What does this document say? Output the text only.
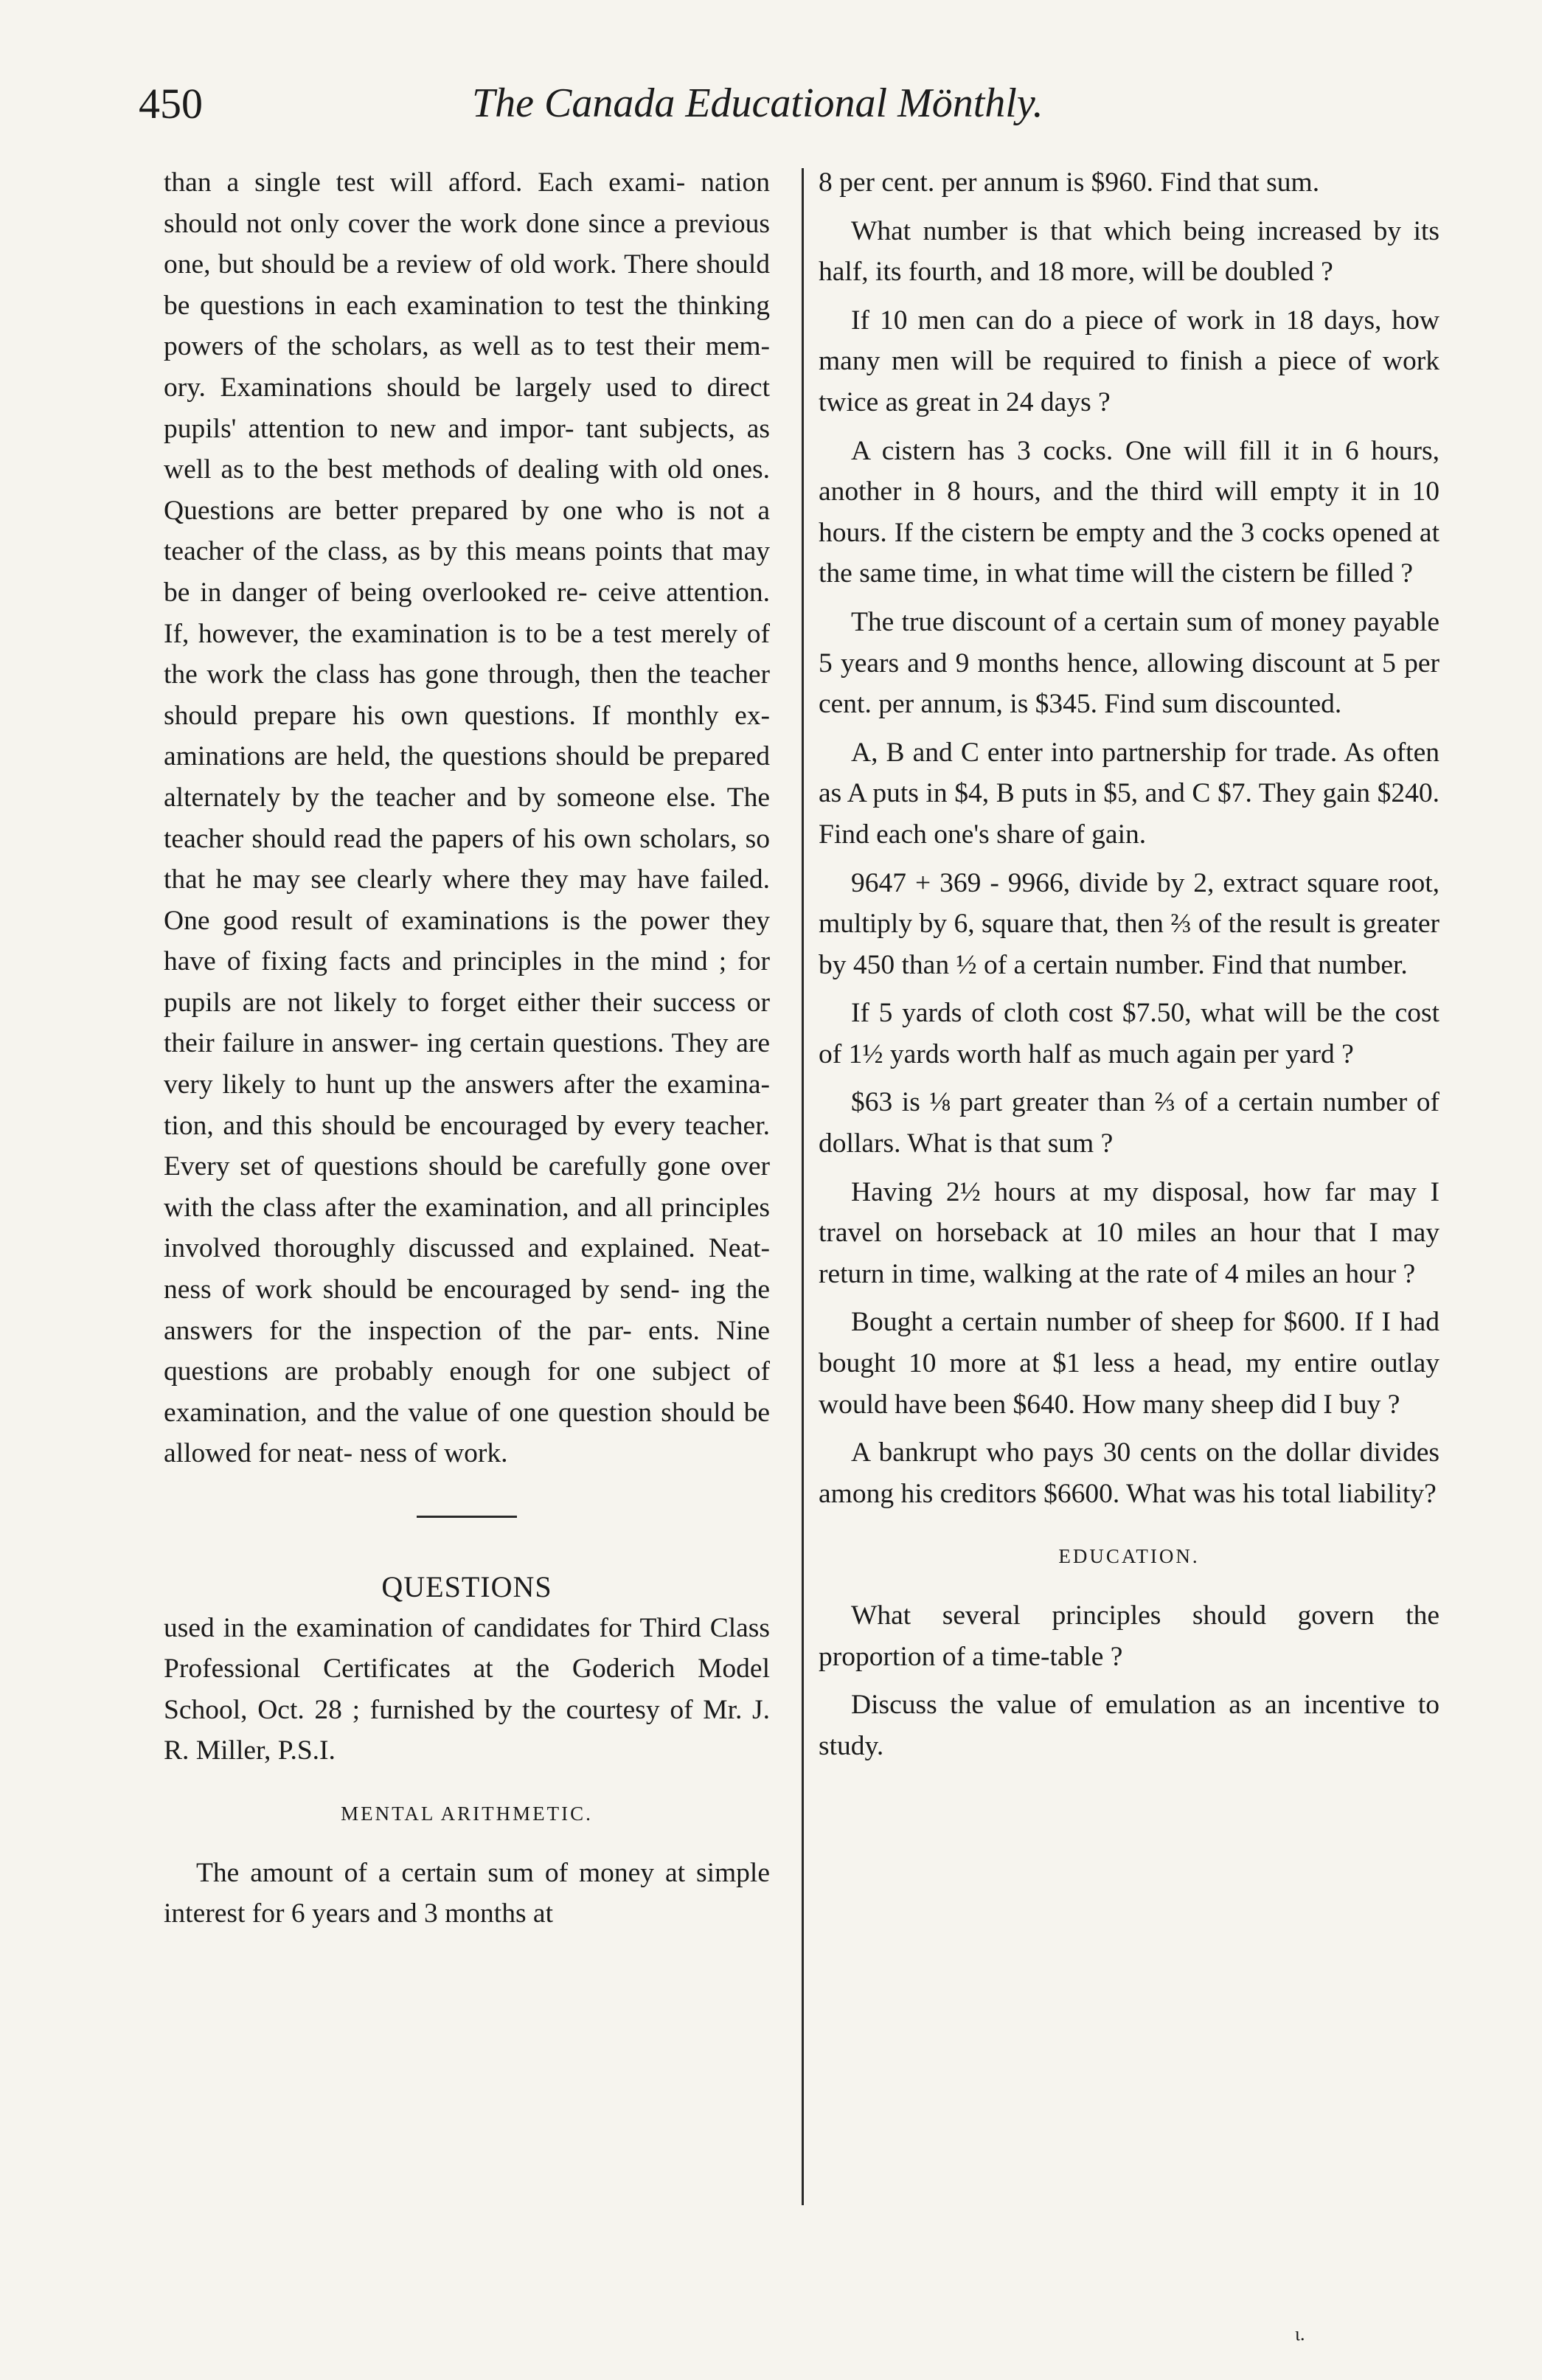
450	The Canada Educational Mönthly.

than a single test will afford. Each exami- nation should not only cover the work done since a previous one, but should be a review of old work. There should be questions in each examination to test the thinking powers of the scholars, as well as to test their mem- ory. Examinations should be largely used to direct pupils' attention to new and impor- tant subjects, as well as to the best methods of dealing with old ones. Questions are better prepared by one who is not a teacher of the class, as by this means points that may be in danger of being overlooked re- ceive attention. If, however, the examination is to be a test merely of the work the class has gone through, then the teacher should prepare his own questions. If monthly ex- aminations are held, the questions should be prepared alternately by the teacher and by someone else. The teacher should read the papers of his own scholars, so that he may see clearly where they may have failed. One good result of examinations is the power they have of fixing facts and principles in the mind ; for pupils are not likely to forget either their success or their failure in answer- ing certain questions. They are very likely to hunt up the answers after the examina- tion, and this should be encouraged by every teacher. Every set of questions should be carefully gone over with the class after the examination, and all principles involved thoroughly discussed and explained. Neat- ness of work should be encouraged by send- ing the answers for the inspection of the par- ents. Nine questions are probably enough for one subject of examination, and the value of one question should be allowed for neat- ness of work.

QUESTIONS

used in the examination of candidates for Third Class Professional Certificates at the Goderich Model School, Oct. 28 ; furnished by the courtesy of Mr. J. R. Miller, P.S.I.

MENTAL ARITHMETIC.

The amount of a certain sum of money at simple interest for 6 years and 3 months at

8 per cent. per annum is $960. Find that sum.

What number is that which being increased by its half, its fourth, and 18 more, will be doubled ?

If 10 men can do a piece of work in 18 days, how many men will be required to finish a piece of work twice as great in 24 days ?

A cistern has 3 cocks. One will fill it in 6 hours, another in 8 hours, and the third will empty it in 10 hours. If the cistern be empty and the 3 cocks opened at the same time, in what time will the cistern be filled ?

The true discount of a certain sum of money payable 5 years and 9 months hence, allowing discount at 5 per cent. per annum, is $345. Find sum discounted.

A, B and C enter into partnership for trade. As often as A puts in $4, B puts in $5, and C $7. They gain $240. Find each one's share of gain.

9647 + 369 - 9966, divide by 2, extract square root, multiply by 6, square that, then ⅔ of the result is greater by 450 than ½ of a certain number. Find that number.

If 5 yards of cloth cost $7.50, what will be the cost of 1½ yards worth half as much again per yard ?

$63 is ⅛ part greater than ⅔ of a certain number of dollars. What is that sum ?

Having 2½ hours at my disposal, how far may I travel on horseback at 10 miles an hour that I may return in time, walking at the rate of 4 miles an hour ?

Bought a certain number of sheep for $600. If I had bought 10 more at $1 less a head, my entire outlay would have been $640. How many sheep did I buy ?

A bankrupt who pays 30 cents on the dollar divides among his creditors $6600. What was his total liability?

EDUCATION.

What several principles should govern the proportion of a time-table ?

Discuss the value of emulation as an incentive to study.

ι.
